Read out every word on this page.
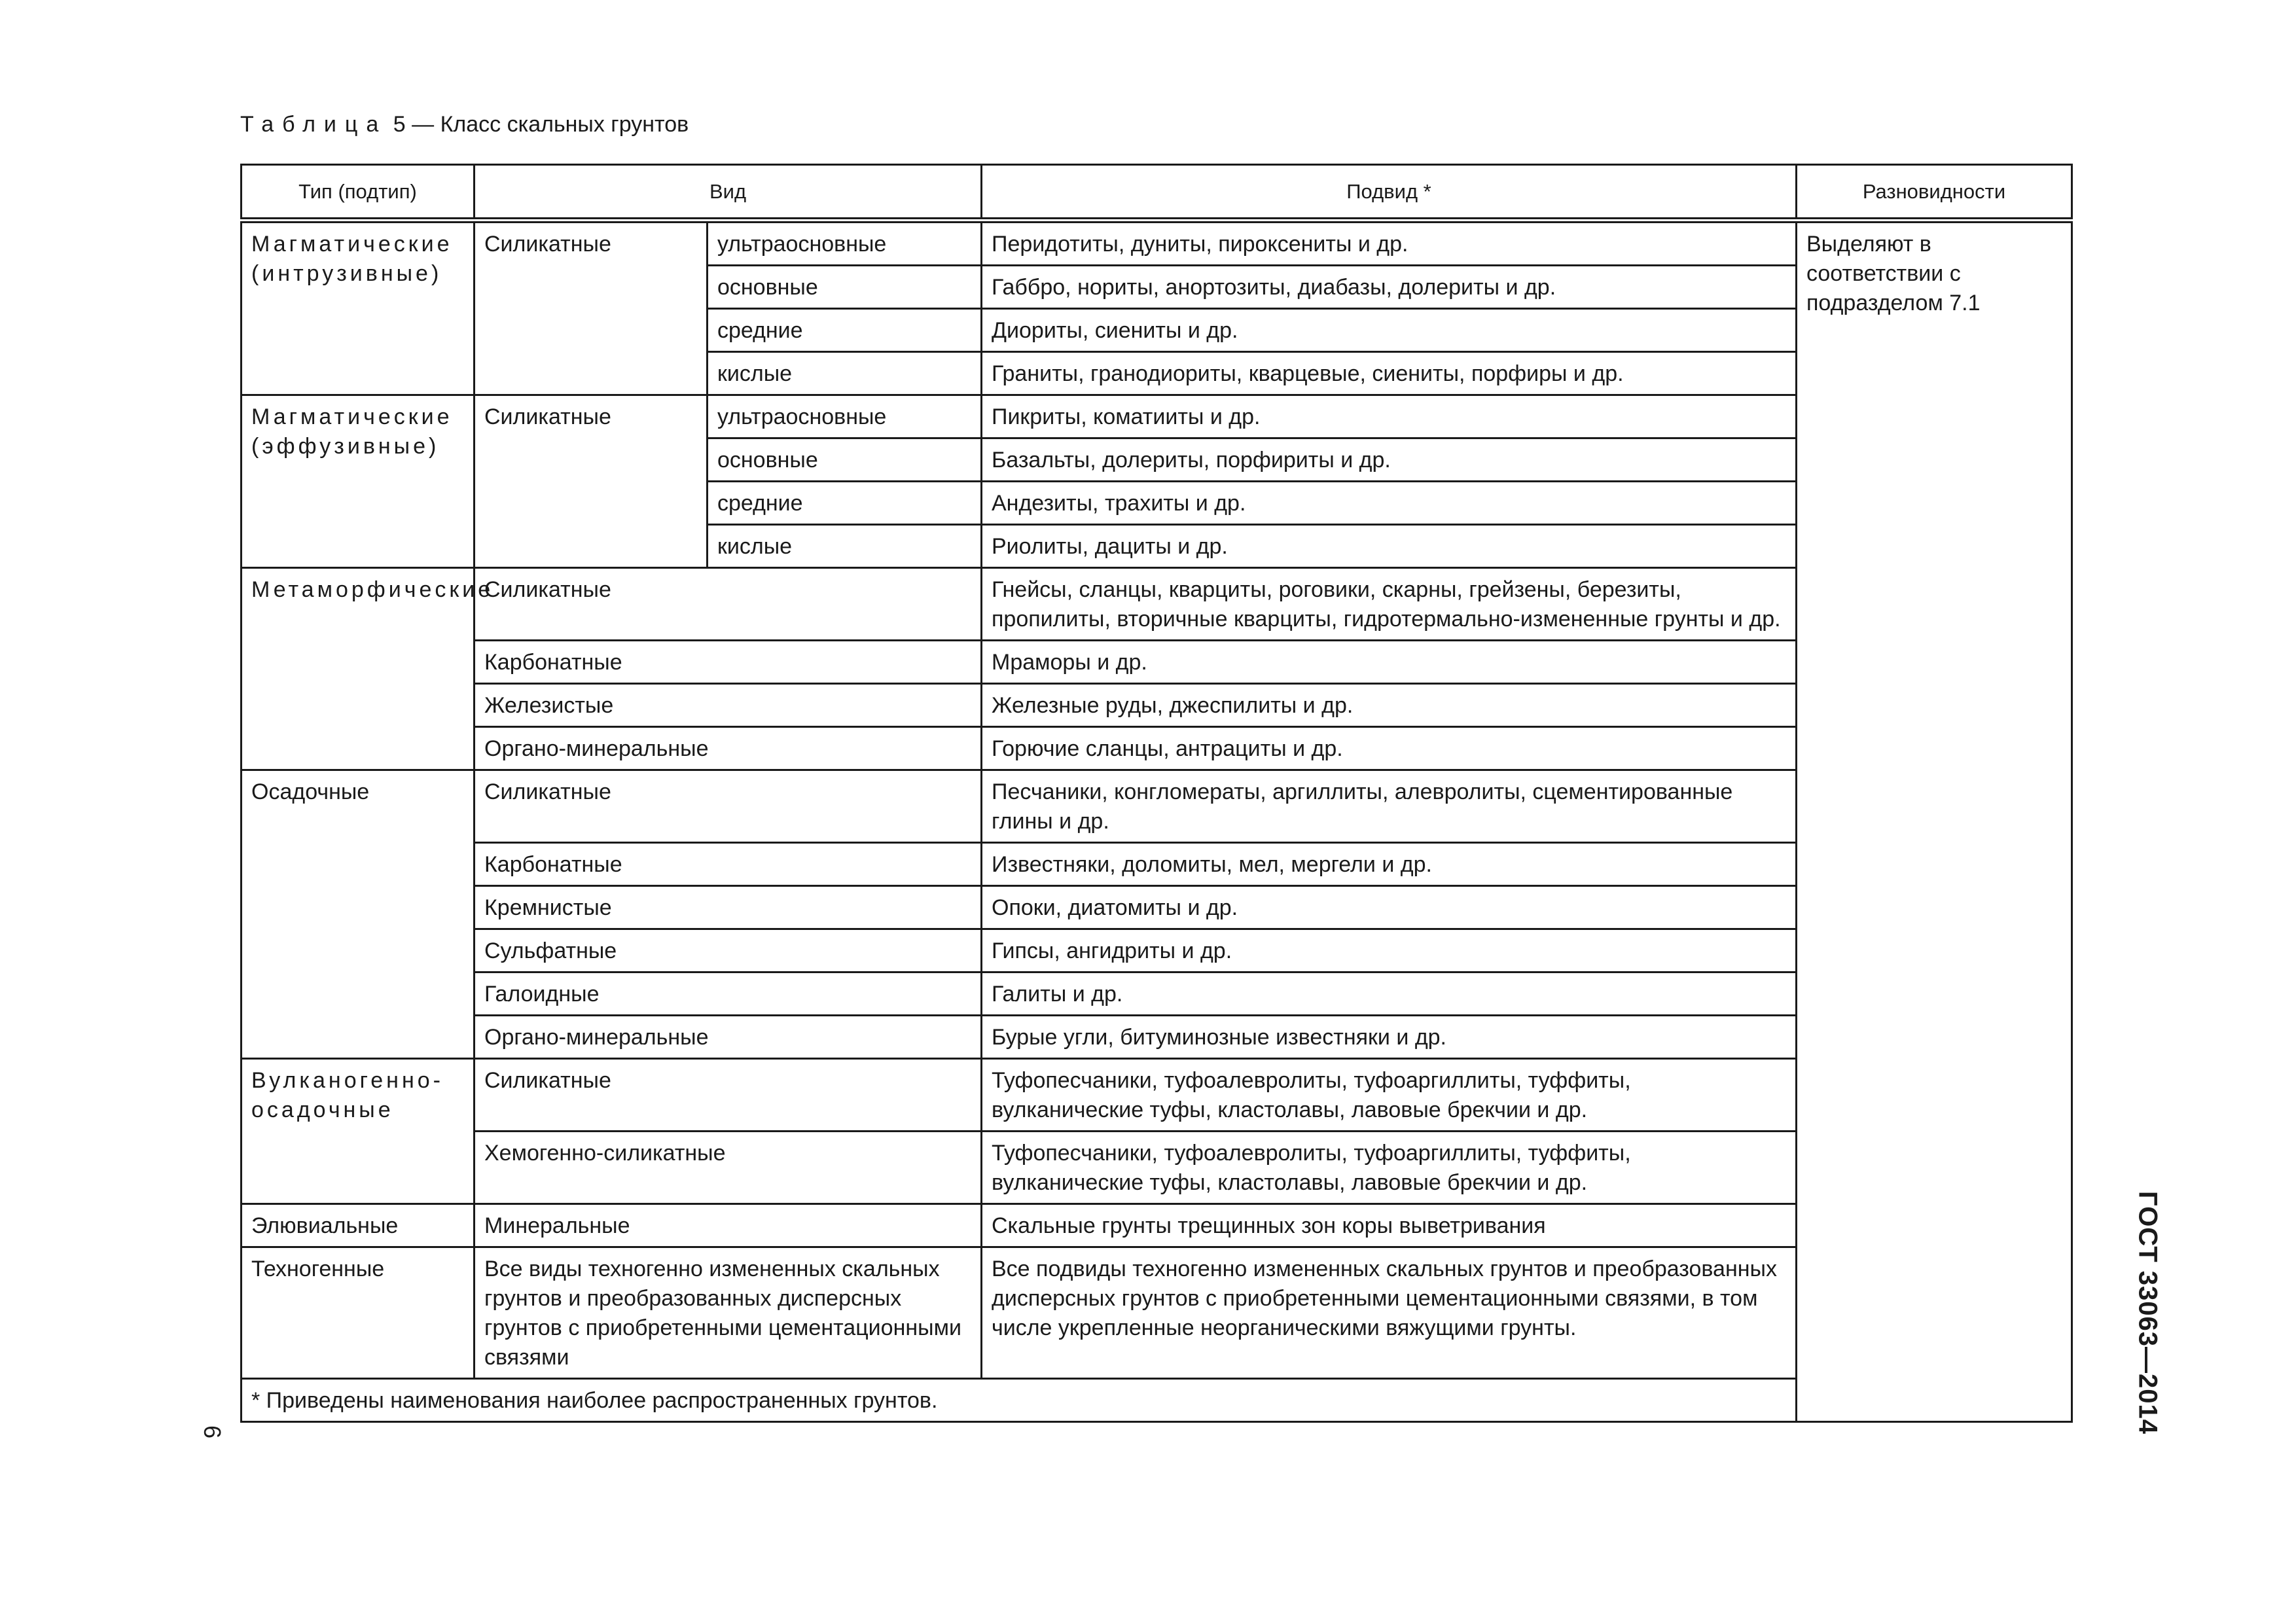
Таблица 5 — Класс скальных грунтов
Тип (подтип)	Вид		Подвид *	Разновидности
Магматические (интрузивные)	Силикатные	ультраосновные	Перидотиты, дуниты, пироксениты и др.	Выделяют в соответствии с подразделом 7.1
		основные	Габбро, нориты, анортозиты, диабазы, долериты и др.	
		средние	Диориты, сиениты и др.	
		кислые	Граниты, гранодиориты, кварцевые, сиениты, порфиры и др.	
Магматические (эффузивные)	Силикатные	ультраосновные	Пикриты, коматииты и др.	
		основные	Базальты, долериты, порфириты и др.	
		средние	Андезиты, трахиты и др.	
		кислые	Риолиты, дациты и др.	
Метаморфические	Силикатные		Гнейсы, сланцы, кварциты, роговики, скарны, грейзены, березиты, пропилиты, вторичные кварциты, гидротермально-измененные грунты и др.	
	Карбонатные		Мраморы и др.	
	Железистые		Железные руды, джеспилиты и др.	
	Органо-минеральные		Горючие сланцы, антрациты и др.	
Осадочные	Силикатные		Песчаники, конгломераты, аргиллиты, алевролиты, сцементированные глины и др.	
	Карбонатные		Известняки, доломиты, мел, мергели и др.	
	Кремнистые		Опоки, диатомиты и др.	
	Сульфатные		Гипсы, ангидриты и др.	
	Галоидные		Галиты и др.	
	Органо-минеральные		Бурые угли, битуминозные известняки и др.	
Вулканогенно-осадочные	Силикатные		Туфопесчаники, туфоалевролиты, туфоаргиллиты, туффиты, вулканические туфы, кластолавы, лавовые брекчии и др.	
	Хемогенно-силикатные		Туфопесчаники, туфоалевролиты, туфоаргиллиты, туффиты, вулканические туфы, кластолавы, лавовые брекчии и др.	
Элювиальные	Минеральные		Скальные грунты трещинных зон коры выветривания	
Техногенные	Все виды техногенно измененных скальных грунтов и преобразованных дисперсных грунтов с приобретенными цементационными связями		Все подвиды техногенно измененных скальных грунтов и преобразованных дисперсных грунтов с приобретенными цементационными связями, в том числе укрепленные неорганическими вяжущими грунты.	
* Приведены наименования наиболее распространенных грунтов.					ГОСТ 33063—2014
6
